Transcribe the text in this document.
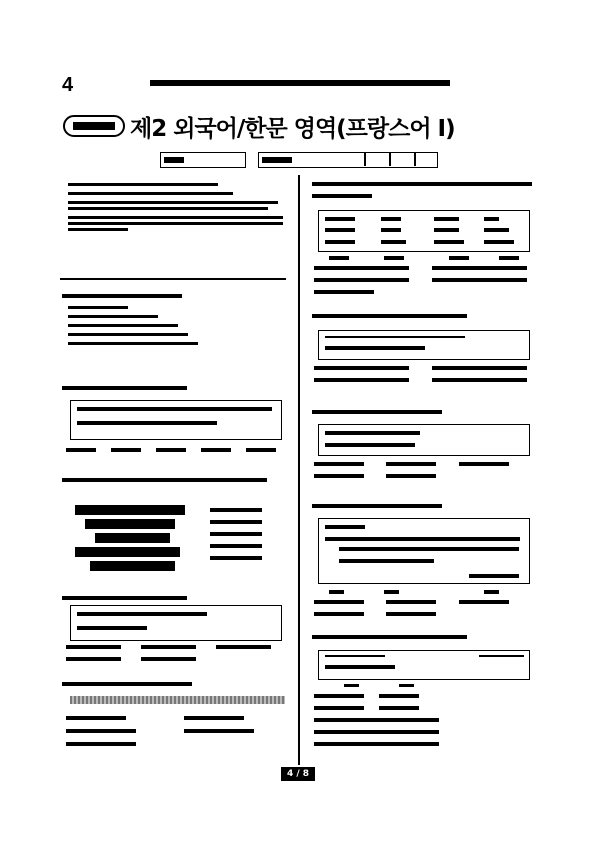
4
제2 외국어/한문 영역(프랑스어 I)
4 / 8
